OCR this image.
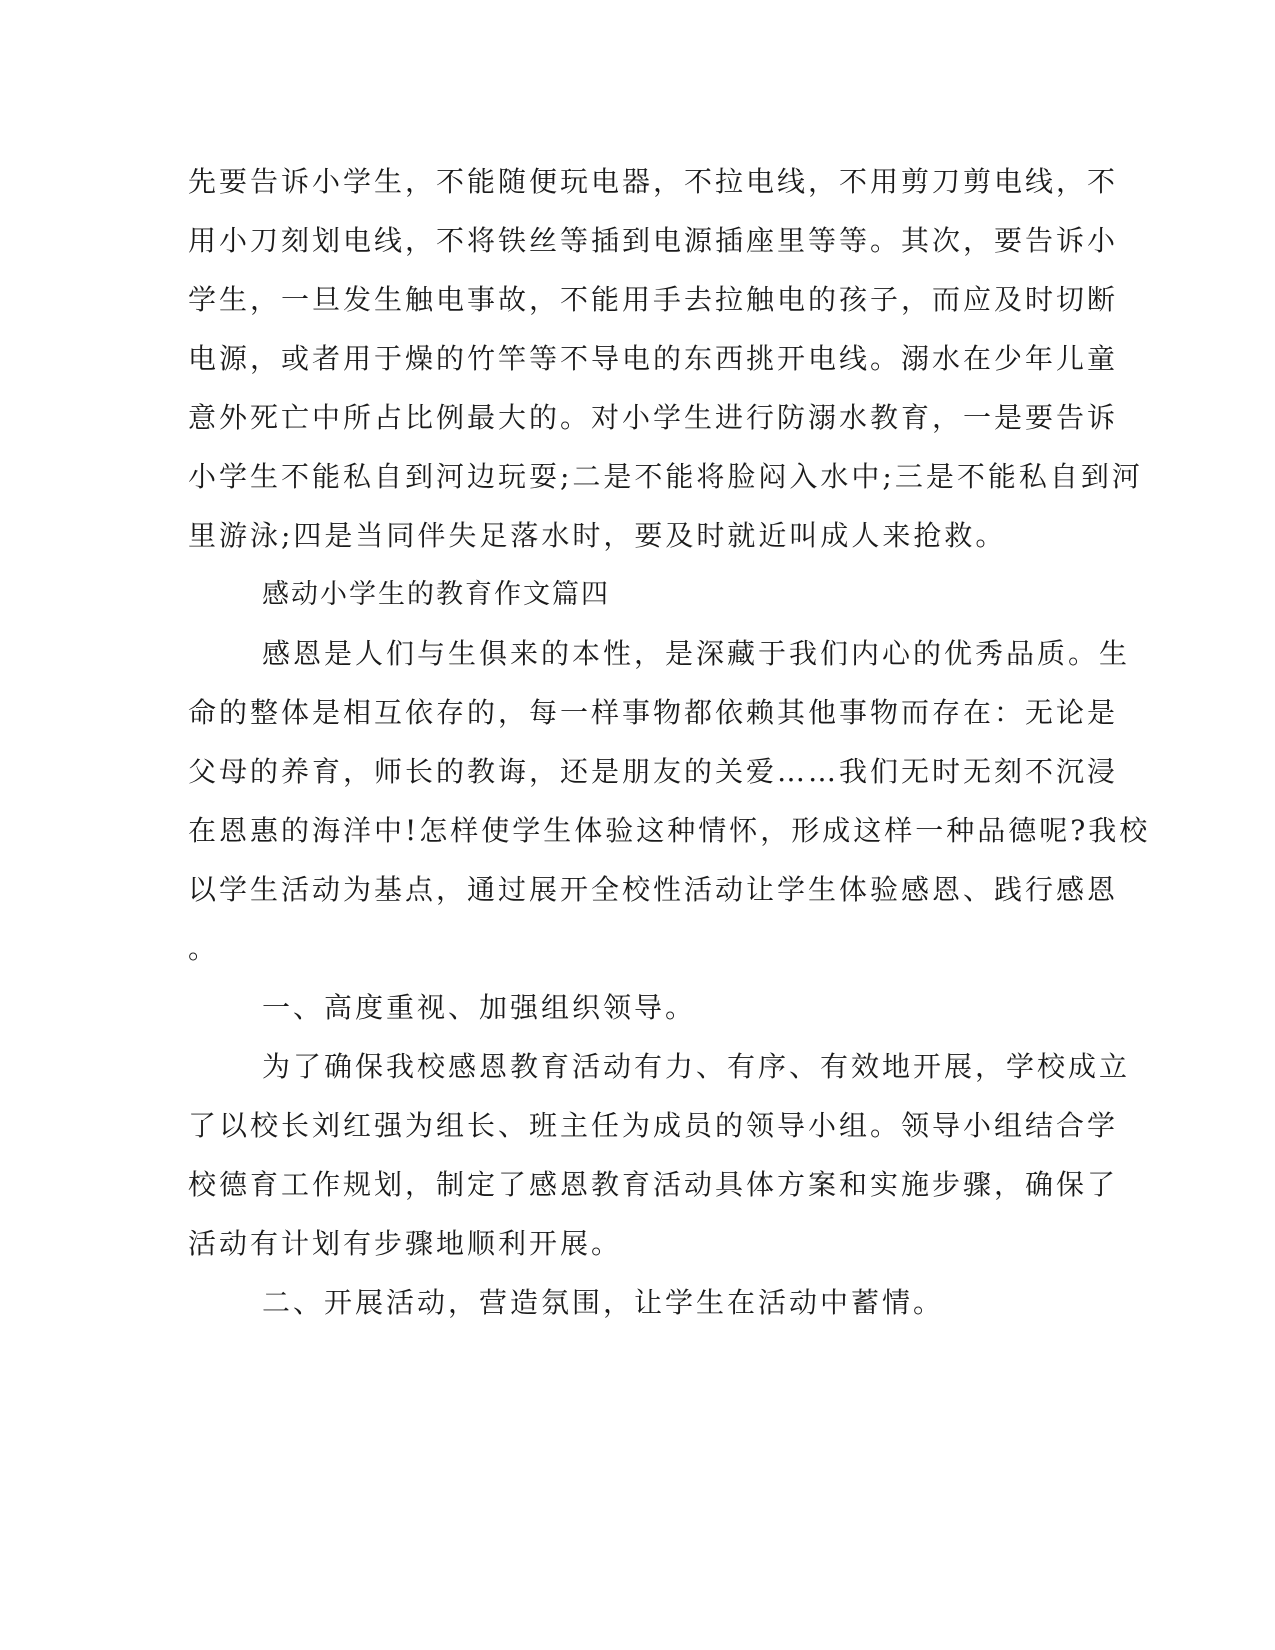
先要告诉小学生，不能随便玩电器，不拉电线，不用剪刀剪电线，不

用小刀刻划电线，不将铁丝等插到电源插座里等等。其次，要告诉小

学生，一旦发生触电事故，不能用手去拉触电的孩子，而应及时切断

电源，或者用于燥的竹竿等不导电的东西挑开电线。溺水在少年儿童

意外死亡中所占比例最大的。对小学生进行防溺水教育，一是要告诉

小学生不能私自到河边玩耍;二是不能将脸闷入水中;三是不能私自到河

里游泳;四是当同伴失足落水时，要及时就近叫成人来抢救。

感动小学生的教育作文篇四

感恩是人们与生俱来的本性，是深藏于我们内心的优秀品质。生

命的整体是相互依存的，每一样事物都依赖其他事物而存在：无论是

父母的养育，师长的教诲，还是朋友的关爱……我们无时无刻不沉浸

在恩惠的海洋中!怎样使学生体验这种情怀，形成这样一种品德呢?我校

以学生活动为基点，通过展开全校性活动让学生体验感恩、践行感恩

。

一、高度重视、加强组织领导。

为了确保我校感恩教育活动有力、有序、有效地开展，学校成立

了以校长刘红强为组长、班主任为成员的领导小组。领导小组结合学

校德育工作规划，制定了感恩教育活动具体方案和实施步骤，确保了

活动有计划有步骤地顺利开展。

二、开展活动，营造氛围，让学生在活动中蓄情。
